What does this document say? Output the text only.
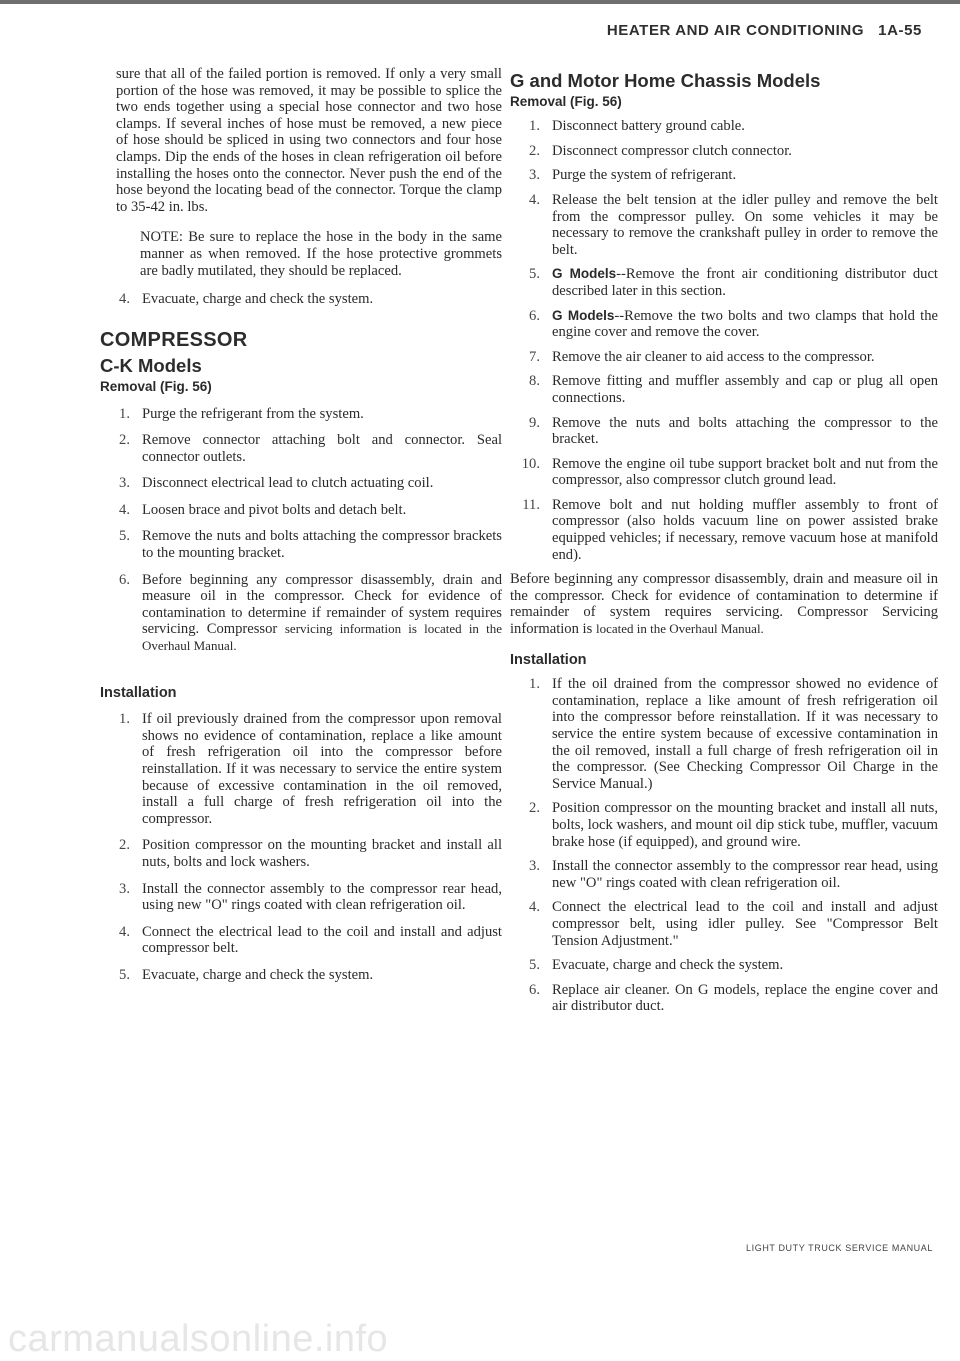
HEATER AND AIR CONDITIONING 1A-55

sure that all of the failed portion is removed. If only a very small portion of the hose was removed, it may be possible to splice the two ends together using a special hose connector and two hose clamps. If several inches of hose must be removed, a new piece of hose should be spliced in using two connectors and four hose clamps. Dip the ends of the hoses in clean refrigeration oil before installing the hoses onto the connector. Never push the end of the hose beyond the locating bead of the connector. Torque the clamp to 35-42 in. lbs.

NOTE: Be sure to replace the hose in the body in the same manner as when removed. If the hose protective grommets are badly mutilated, they should be replaced.

4. Evacuate, charge and check the system.
COMPRESSOR
C-K Models
Removal (Fig. 56)
1. Purge the refrigerant from the system.
2. Remove connector attaching bolt and connector. Seal connector outlets.
3. Disconnect electrical lead to clutch actuating coil.
4. Loosen brace and pivot bolts and detach belt.
5. Remove the nuts and bolts attaching the compressor brackets to the mounting bracket.
6. Before beginning any compressor disassembly, drain and measure oil in the compressor. Check for evidence of contamination to determine if remainder of system requires servicing. Compressor servicing information is located in the Overhaul Manual.
Installation
1. If oil previously drained from the compressor upon removal shows no evidence of contamination, replace a like amount of fresh refrigeration oil into the compressor before reinstallation. If it was necessary to service the entire system because of excessive contamination in the oil removed, install a full charge of fresh refrigeration oil into the compressor.
2. Position compressor on the mounting bracket and install all nuts, bolts and lock washers.
3. Install the connector assembly to the compressor rear head, using new "O" rings coated with clean refrigeration oil.
4. Connect the electrical lead to the coil and install and adjust compressor belt.
5. Evacuate, charge and check the system.
G and Motor Home Chassis Models
Removal (Fig. 56)
1. Disconnect battery ground cable.
2. Disconnect compressor clutch connector.
3. Purge the system of refrigerant.
4. Release the belt tension at the idler pulley and remove the belt from the compressor pulley. On some vehicles it may be necessary to remove the crankshaft pulley in order to remove the belt.
5. G Models--Remove the front air conditioning distributor duct described later in this section.
6. G Models--Remove the two bolts and two clamps that hold the engine cover and remove the cover.
7. Remove the air cleaner to aid access to the compressor.
8. Remove fitting and muffler assembly and cap or plug all open connections.
9. Remove the nuts and bolts attaching the compressor to the bracket.
10. Remove the engine oil tube support bracket bolt and nut from the compressor, also compressor clutch ground lead.
11. Remove bolt and nut holding muffler assembly to front of compressor (also holds vacuum line on power assisted brake equipped vehicles; if necessary, remove vacuum hose at manifold end).

Before beginning any compressor disassembly, drain and measure oil in the compressor. Check for evidence of contamination to determine if remainder of system requires servicing. Compressor Servicing information is located in the Overhaul Manual.

Installation
1. If the oil drained from the compressor showed no evidence of contamination, replace a like amount of fresh refrigeration oil into the compressor before reinstallation. If it was necessary to service the entire system because of excessive contamination in the oil removed, install a full charge of fresh refrigeration oil in the compressor. (See Checking Compressor Oil Charge in the Service Manual.)
2. Position compressor on the mounting bracket and install all nuts, bolts, lock washers, and mount oil dip stick tube, muffler, vacuum brake hose (if equipped), and ground wire.
3. Install the connector assembly to the compressor rear head, using new "O" rings coated with clean refrigeration oil.
4. Connect the electrical lead to the coil and install and adjust compressor belt, using idler pulley. See "Compressor Belt Tension Adjustment."
5. Evacuate, charge and check the system.
6. Replace air cleaner. On G models, replace the engine cover and air distributor duct.
LIGHT DUTY TRUCK SERVICE MANUAL
carmanualsonline.info
